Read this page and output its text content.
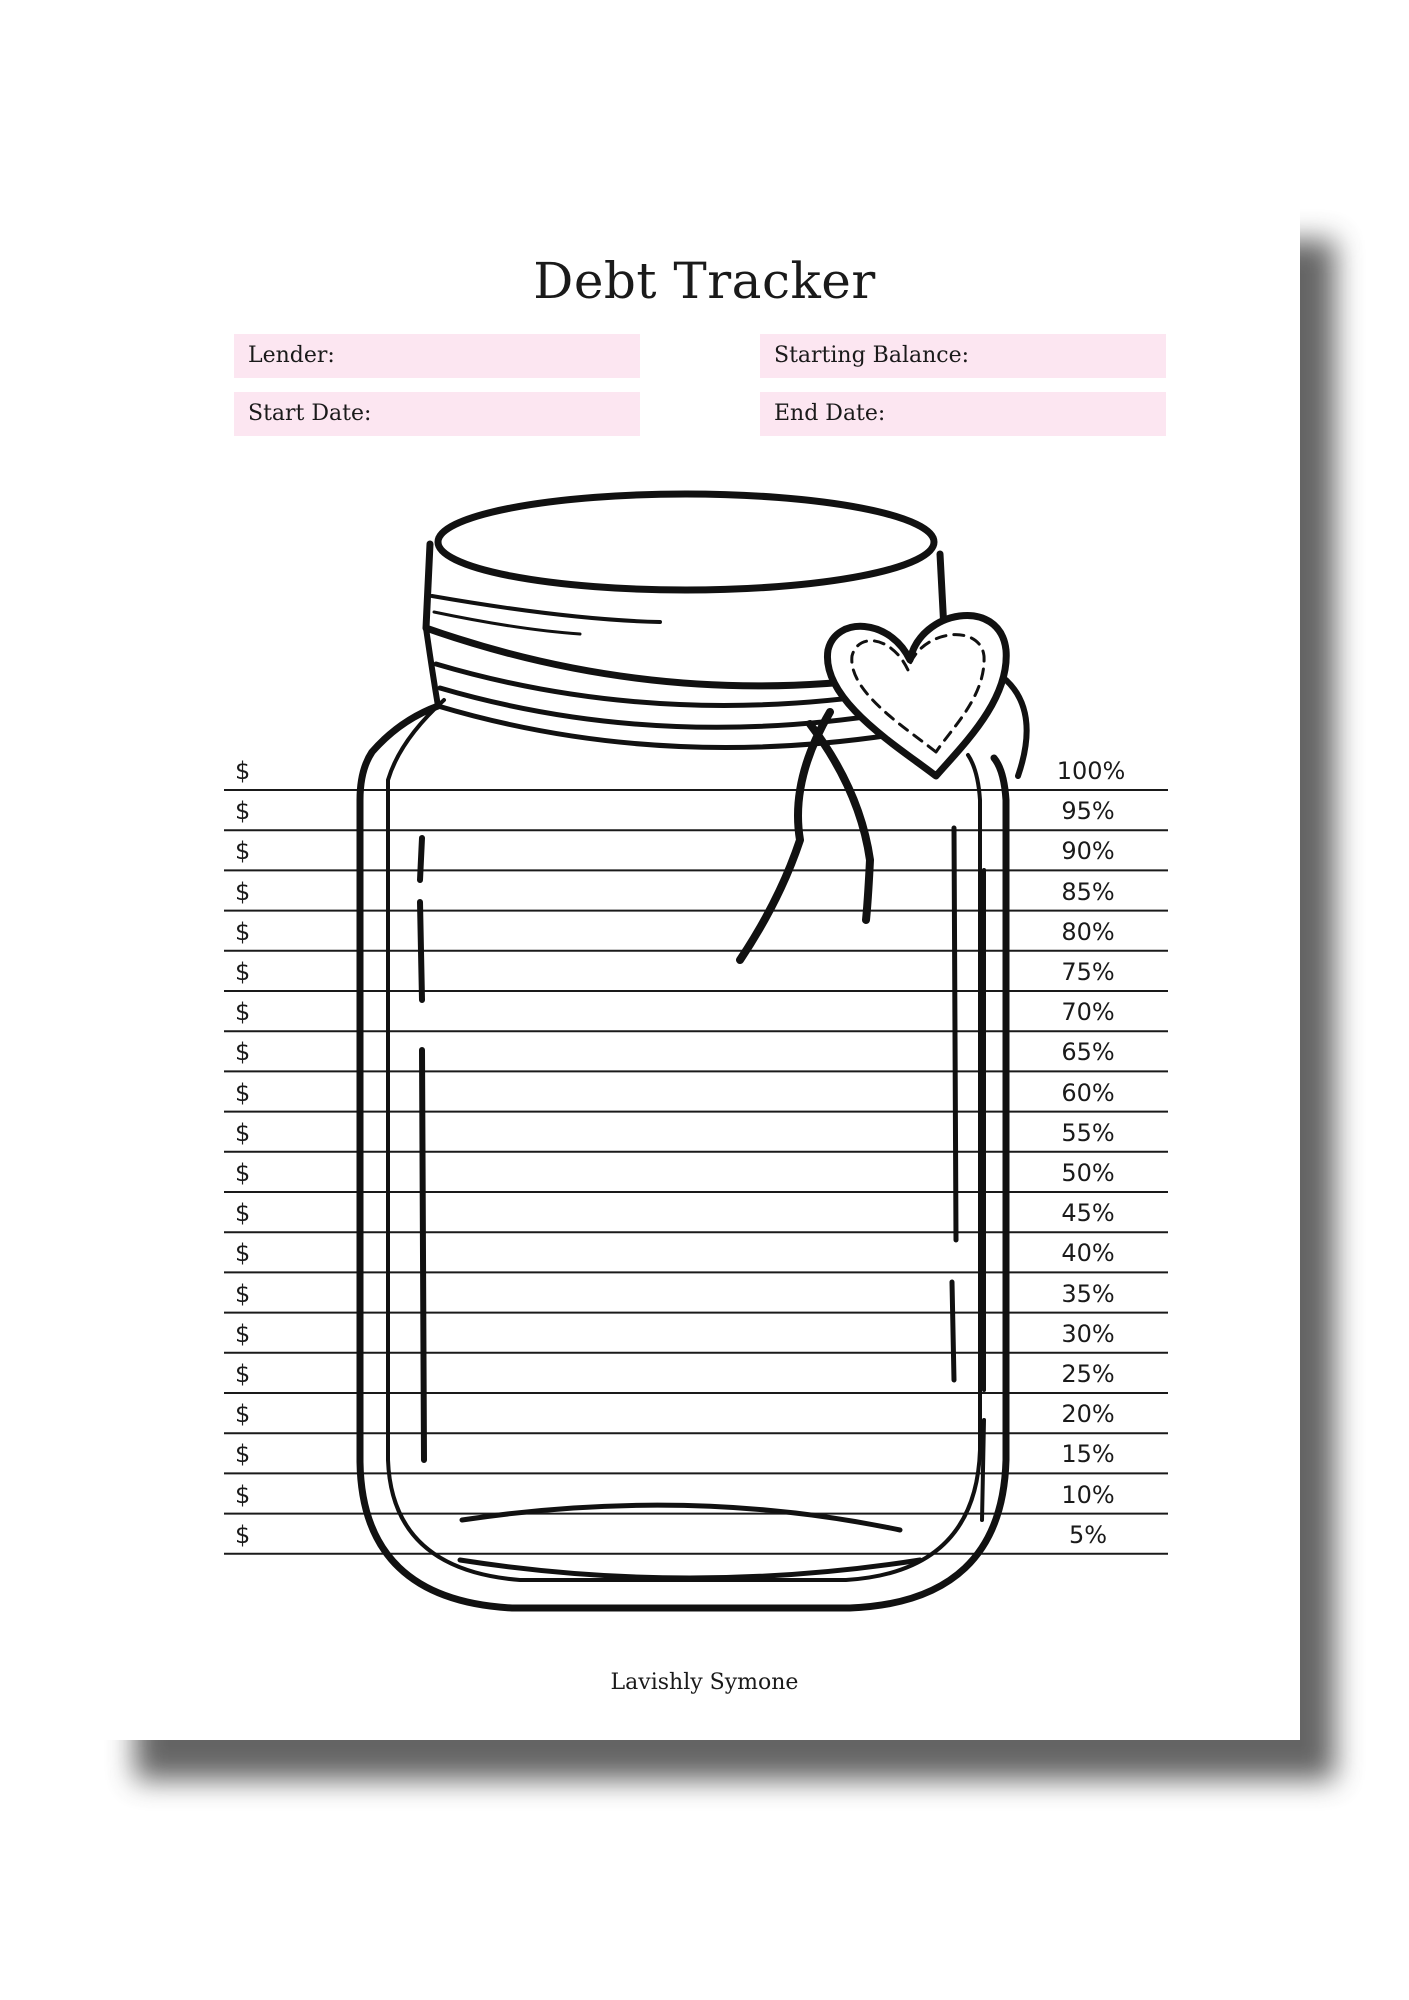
Debt Tracker
Lender:	Starting Balance:
Start Date:	End Date:
100%
95%
90%
85%
80%
75%
70%
65%
60%
55%
50%
45%
40%
35%
30%
25%
20%
15%
10%
5%
Lavishly Symone
$
$
$
$
$
$
$
$
$
$
$
$
$
$
$
$
$
$
$
$
